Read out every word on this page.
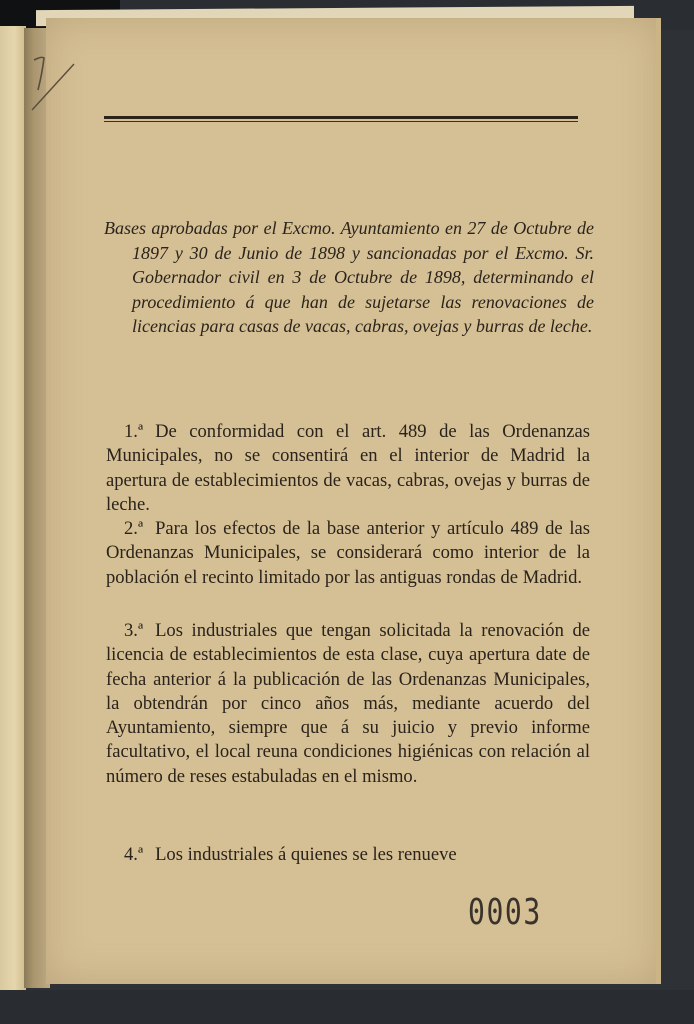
Bases aprobadas por el Excmo. Ayuntamiento en 27 de Octubre de 1897 y 30 de Junio de 1898 y sancionadas por el Excmo. Sr. Gobernador civil en 3 de Octubre de 1898, determinando el procedimiento á que han de sujetarse las renovaciones de licencias para casas de vacas, cabras, ovejas y burras de leche.

1.ª De conformidad con el art. 489 de las Ordenanzas Municipales, no se consentirá en el interior de Madrid la apertura de establecimientos de vacas, cabras, ovejas y burras de leche.

2.ª Para los efectos de la base anterior y artículo 489 de las Ordenanzas Municipales, se considerará como interior de la población el recinto limitado por las antiguas rondas de Madrid.

3.ª Los industriales que tengan solicitada la renovación de licencia de establecimientos de esta clase, cuya apertura date de fecha anterior á la publicación de las Ordenanzas Municipales, la obtendrán por cinco años más, mediante acuerdo del Ayuntamiento, siempre que á su juicio y previo informe facultativo, el local reuna condiciones higiénicas con relación al número de reses estabuladas en el mismo.

4.ª Los industriales á quienes se les renueve

0003
